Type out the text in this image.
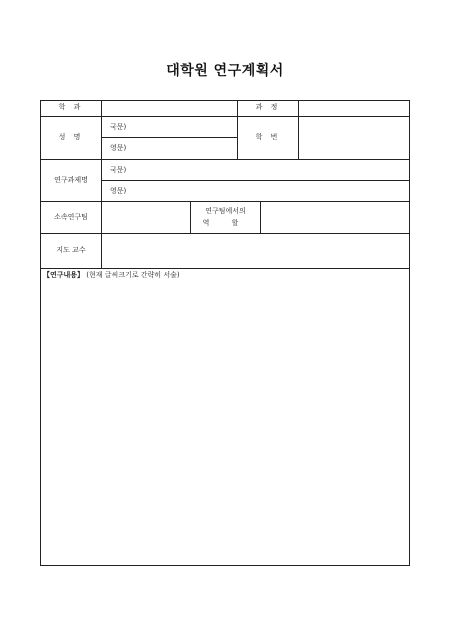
대학원 연구계획서
학 과	과 정
성 명
국문)
영문)
학 번
연구과제명
국문)
영문)
소속연구팀
연구팀에서의
역 할
지도 교수
【연구내용】 (현재 글씨크기로 간략히 서술)
